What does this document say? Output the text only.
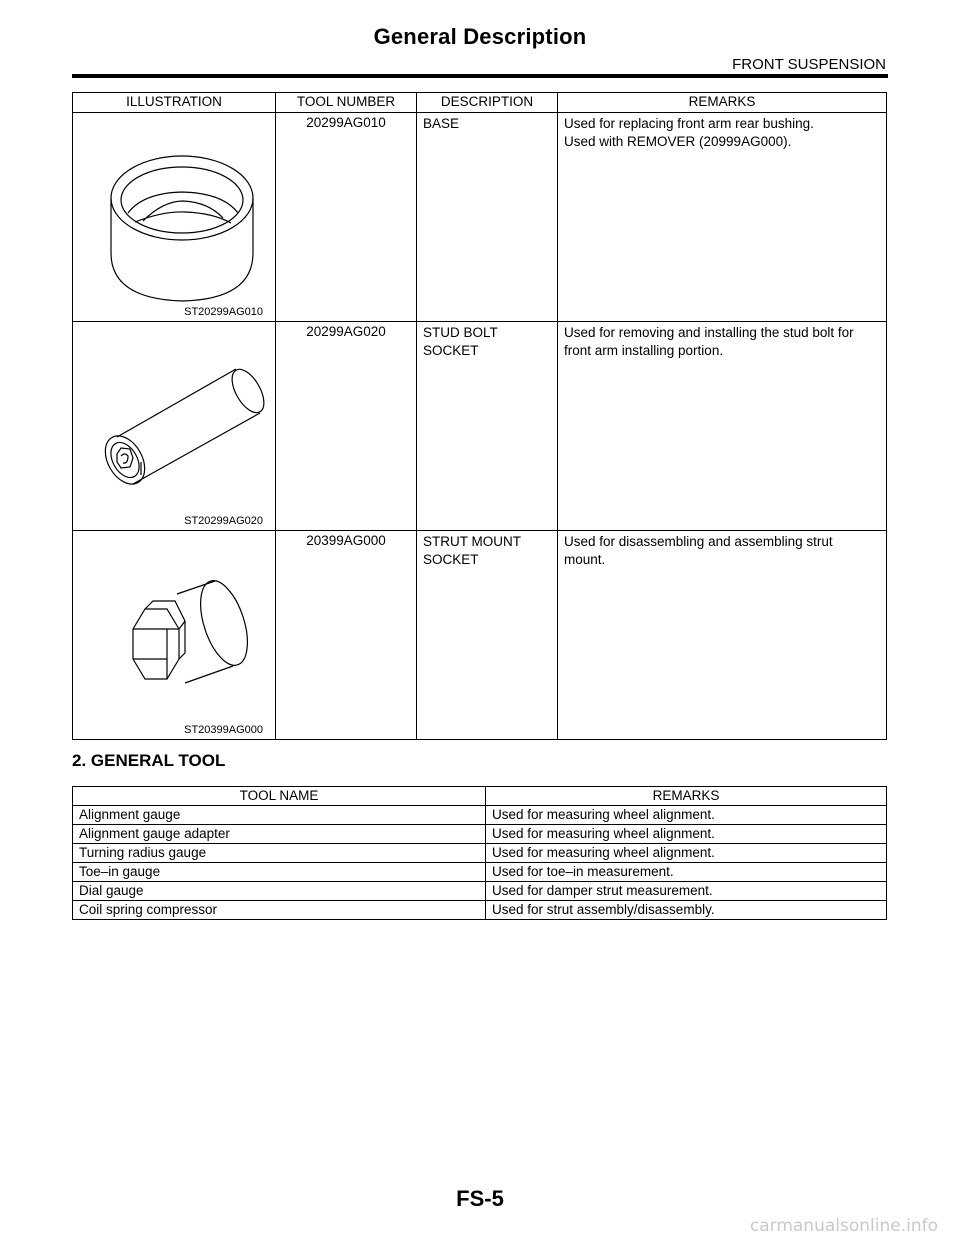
General Description
FRONT SUSPENSION
ILLUSTRATION	TOOL NUMBER	DESCRIPTION	REMARKS

ST20299AG010	20299AG010	BASE	Used for replacing front arm rear bushing.
Used with REMOVER (20999AG000).

ST20299AG020	20299AG020	STUD BOLT
SOCKET	Used for removing and installing the stud bolt for
front arm installing portion.

ST20399AG000	20399AG000	STRUT MOUNT
SOCKET	Used for disassembling and assembling strut
mount.
2. GENERAL TOOL
TOOL NAME	REMARKS
Alignment gauge	Used for measuring wheel alignment.
Alignment gauge adapter	Used for measuring wheel alignment.
Turning radius gauge	Used for measuring wheel alignment.
Toe–in gauge	Used for toe–in measurement.
Dial gauge	Used for damper strut measurement.
Coil spring compressor	Used for strut assembly/disassembly.
FS-5
carmanualsonline.info
